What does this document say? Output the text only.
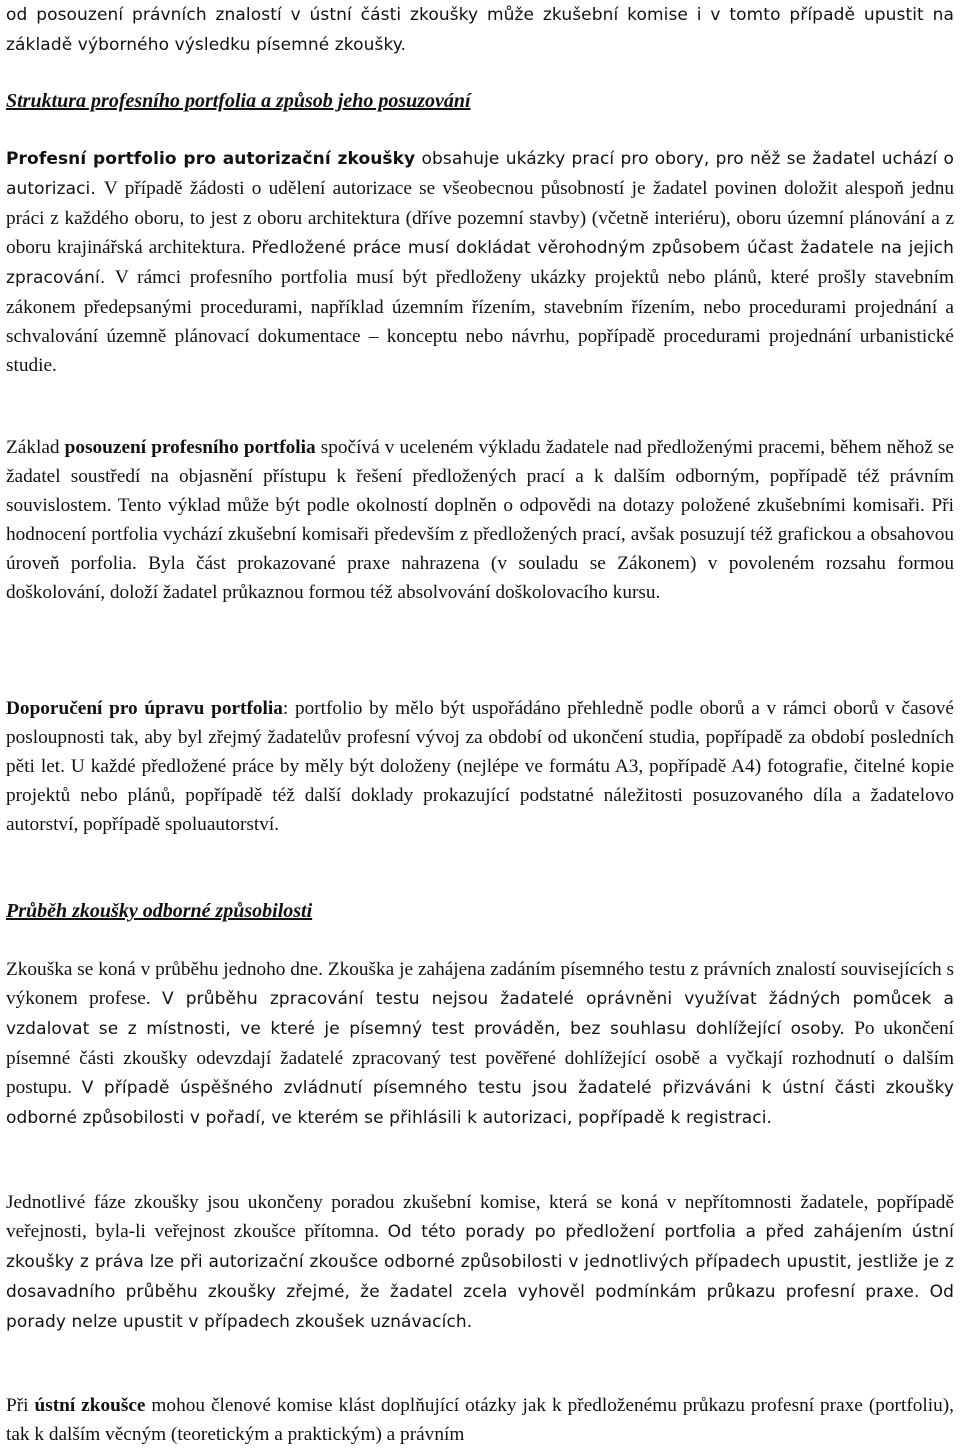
od posouzení právních znalostí v ústní části zkoušky může zkušební komise i v tomto případě upustit na základě výborného výsledku písemné zkoušky.

Struktura profesního portfolia a způsob jeho posuzování

Profesní portfolio pro autorizační zkoušky obsahuje ukázky prací pro obory, pro něž se žadatel uchází o autorizaci. V případě žádosti o udělení autorizace se všeobecnou působností je žadatel povinen doložit alespoň jednu práci z každého oboru, to jest z oboru architektura (dříve pozemní stavby) (včetně interiéru), oboru územní plánování a z oboru krajinářská architektura. Předložené práce musí dokládat věrohodným způsobem účast žadatele na jejich zpracování. V rámci profesního portfolia musí být předloženy ukázky projektů nebo plánů, které prošly stavebním zákonem předepsanými procedurami, například územním řízením, stavebním řízením, nebo procedurami projednání a schvalování územně plánovací dokumentace – konceptu nebo návrhu, popřípadě procedurami projednání urbanistické studie.

Základ posouzení profesního portfolia spočívá v uceleném výkladu žadatele nad předloženými pracemi, během něhož se žadatel soustředí na objasnění přístupu k řešení předložených prací a k dalším odborným, popřípadě též právním souvislostem. Tento výklad může být podle okolností doplněn o odpovědi na dotazy položené zkušebními komisaři. Při hodnocení portfolia vychází zkušební komisaři především z předložených prací, avšak posuzují též grafickou a obsahovou úroveň porfolia. Byla část prokazované praxe nahrazena (v souladu se Zákonem) v povoleném rozsahu formou doškolování, doloží žadatel průkaznou formou též absolvování doškolovacího kursu.

Doporučení pro úpravu portfolia: portfolio by mělo být uspořádáno přehledně podle oborů a v rámci oborů v časové posloupnosti tak, aby byl zřejmý žadatelův profesní vývoj za období od ukončení studia, popřípadě za období posledních pěti let. U každé předložené práce by měly být doloženy (nejlépe ve formátu A3, popřípadě A4) fotografie, čitelné kopie projektů nebo plánů, popřípadě též další doklady prokazující podstatné náležitosti posuzovaného díla a žadatelovo autorství, popřípadě spoluautorství.

Průběh zkoušky odborné způsobilosti

Zkouška se koná v průběhu jednoho dne. Zkouška je zahájena zadáním písemného testu z právních znalostí souvisejících s výkonem profese. V průběhu zpracování testu nejsou žadatelé oprávněni využívat žádných pomůcek a vzdalovat se z místnosti, ve které je písemný test prováděn, bez souhlasu dohlížející osoby. Po ukončení písemné části zkoušky odevzdají žadatelé zpracovaný test pověřené dohlížející osobě a vyčkají rozhodnutí o dalším postupu. V případě úspěšného zvládnutí písemného testu jsou žadatelé přizváváni k ústní části zkoušky odborné způsobilosti v pořadí, ve kterém se přihlásili k autorizaci, popřípadě k registraci.

Jednotlivé fáze zkoušky jsou ukončeny poradou zkušební komise, která se koná v nepřítomnosti žadatele, popřípadě veřejnosti, byla-li veřejnost zkoušce přítomna. Od této porady po předložení portfolia a před zahájením ústní zkoušky z práva lze při autorizační zkoušce odborné způsobilosti v jednotlivých případech upustit, jestliže je z dosavadního průběhu zkoušky zřejmé, že žadatel zcela vyhověl podmínkám průkazu profesní praxe. Od porady nelze upustit v případech zkoušek uznávacích.

Při ústní zkoušce mohou členové komise klást doplňující otázky jak k předloženému průkazu profesní praxe (portfoliu), tak k dalším věcným (teoretickým a praktickým) a právním
